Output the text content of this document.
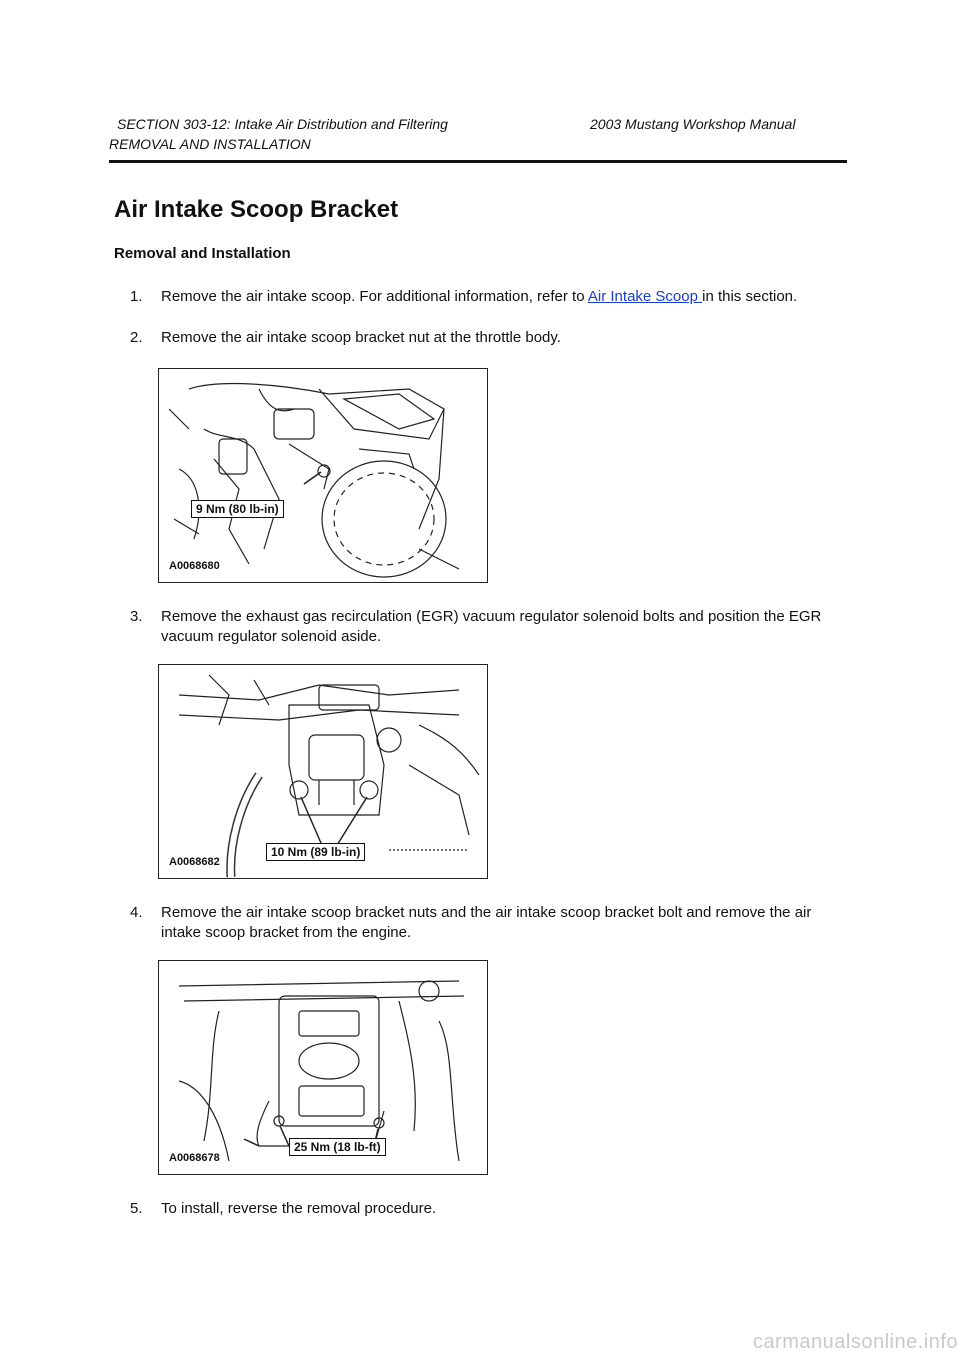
SECTION 303-12: Intake Air Distribution and Filtering	2003 Mustang Workshop Manual
REMOVAL AND INSTALLATION
Air Intake Scoop Bracket
Removal and Installation
1.	Remove the air intake scoop. For additional information, refer to Air Intake Scoop in this section.
2.	Remove the air intake scoop bracket nut at the throttle body.
9 Nm (80 lb-in)
A0068680
3.	Remove the exhaust gas recirculation (EGR) vacuum regulator solenoid bolts and position the EGR vacuum regulator solenoid aside.
10 Nm (89 lb-in)
A0068682
4.	Remove the air intake scoop bracket nuts and the air intake scoop bracket bolt and remove the air intake scoop bracket from the engine.
25 Nm (18 lb-ft)
A0068678
5.	To install, reverse the removal procedure.
carmanualsonline.info
